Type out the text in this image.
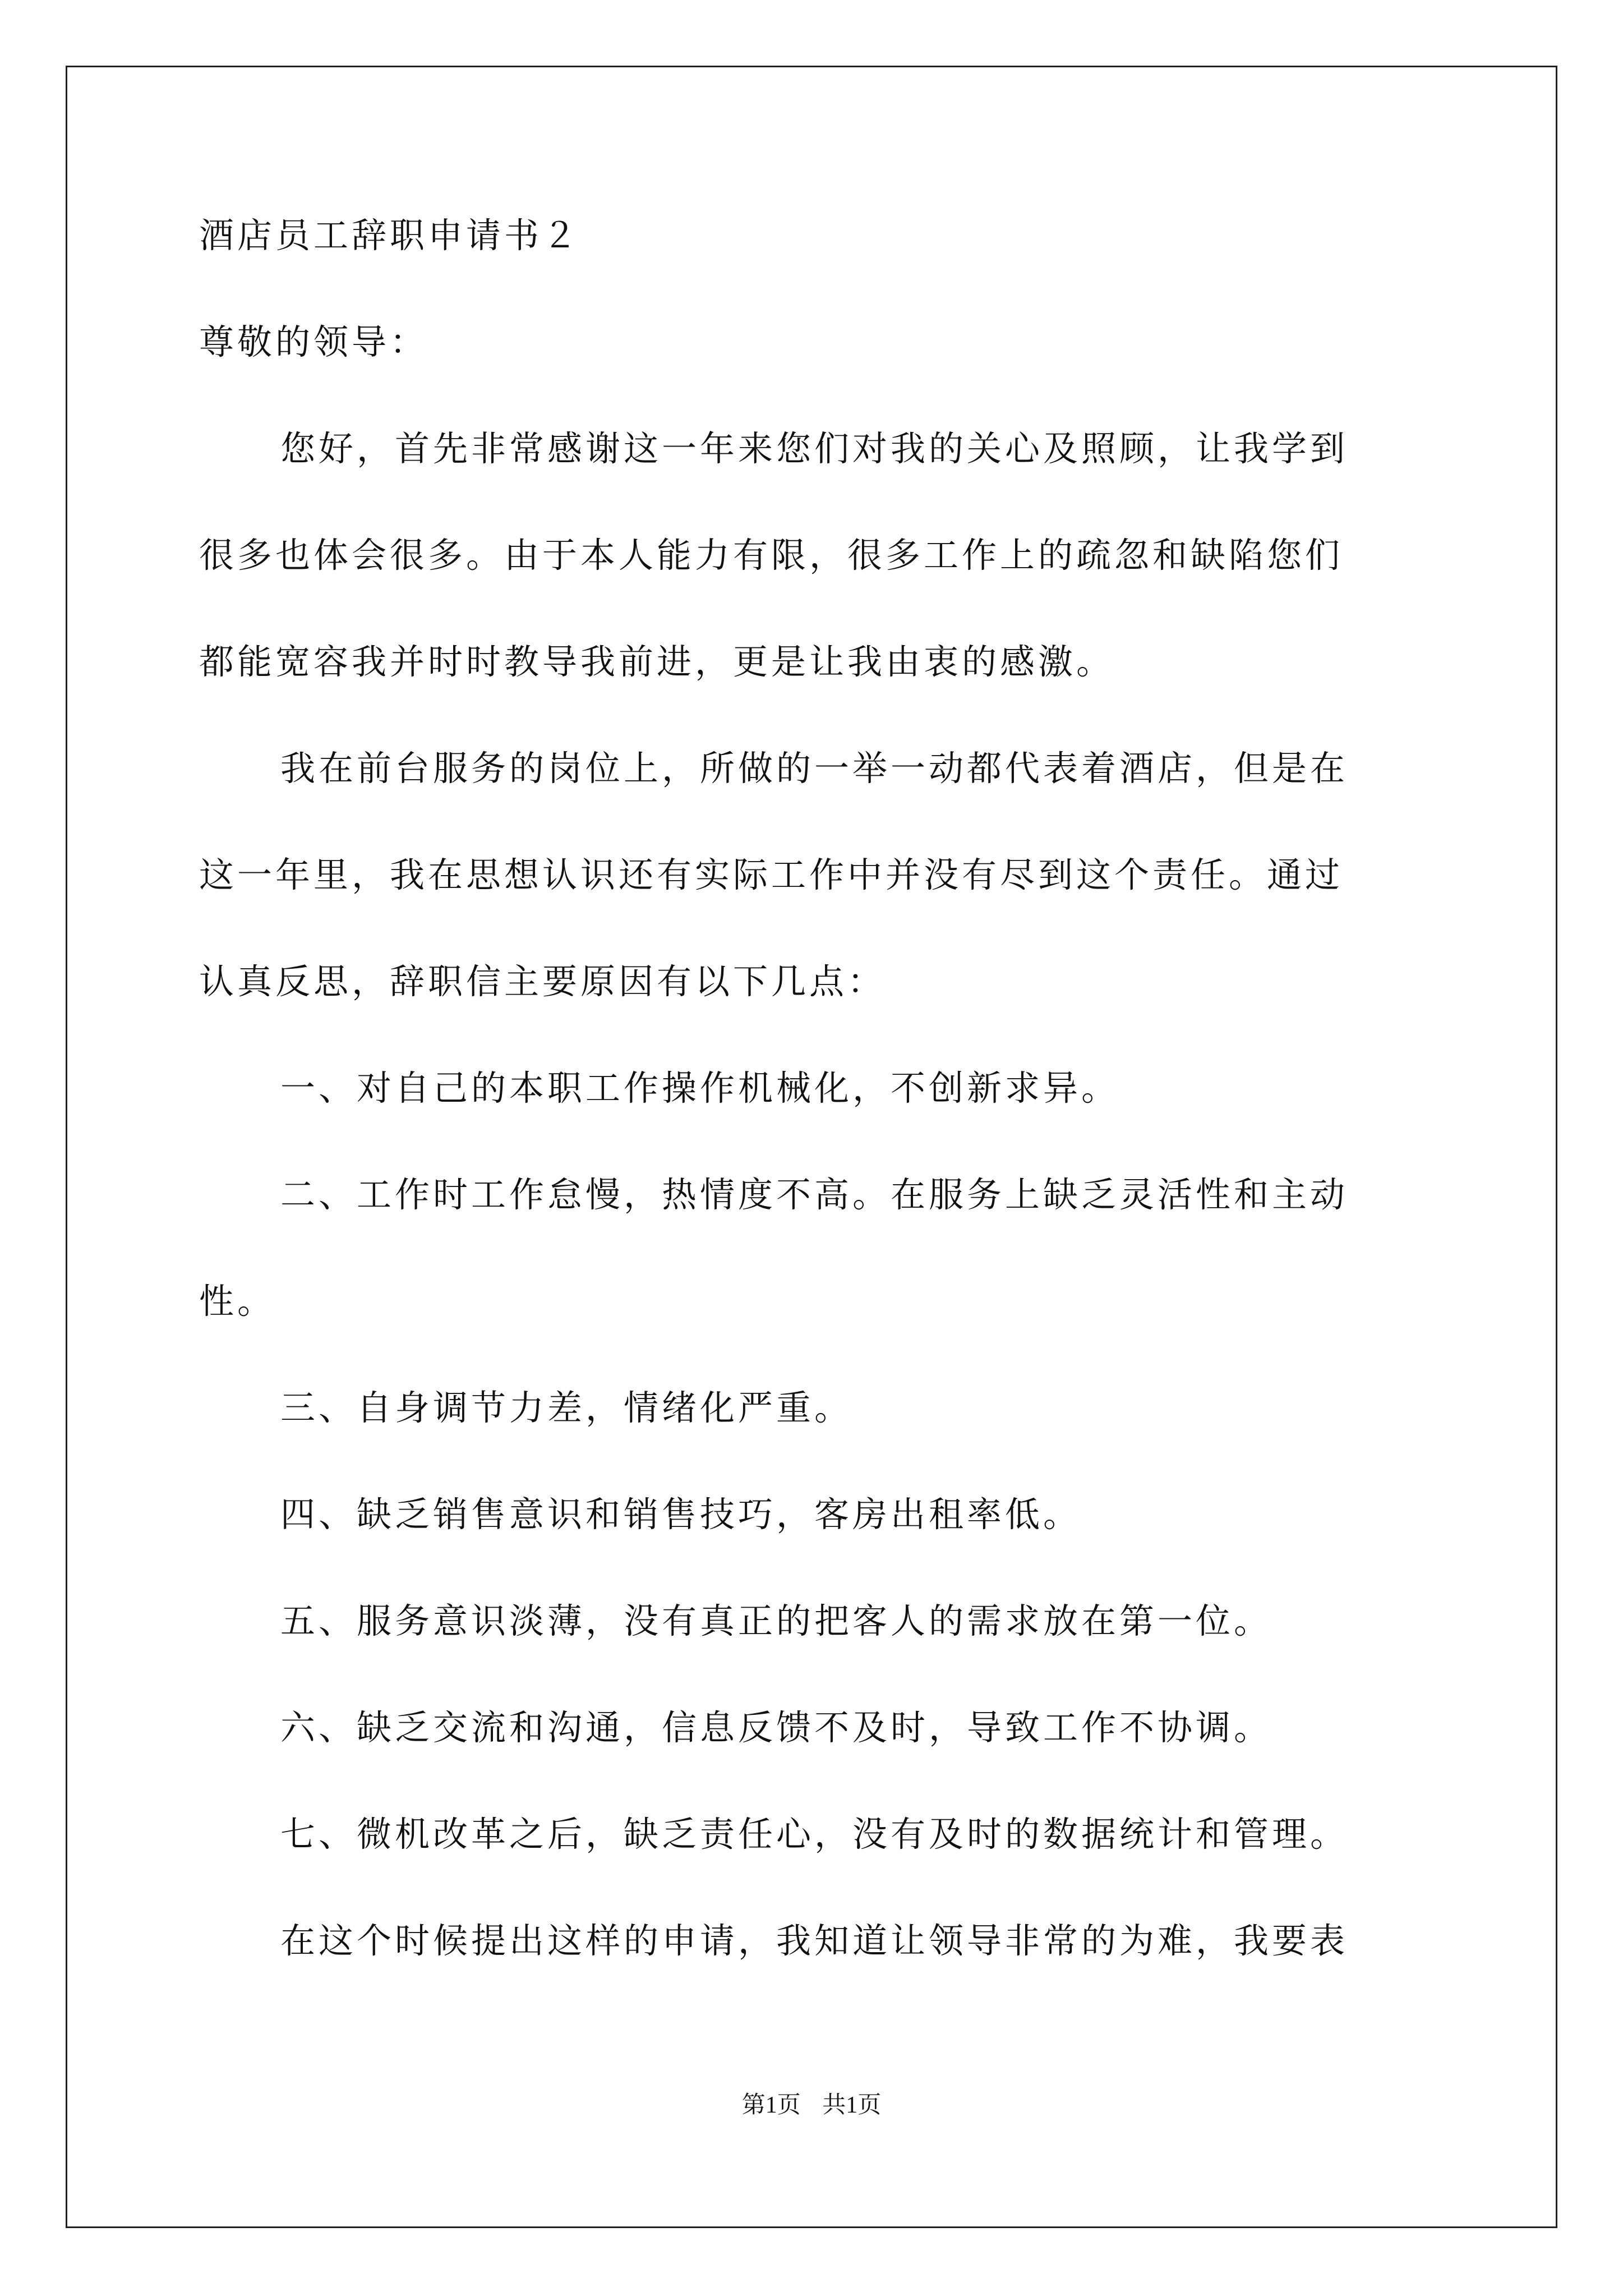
酒店员工辞职申请书２
尊敬的领导：
您好，首先非常感谢这一年来您们对我的关心及照顾，让我学到
很多也体会很多。由于本人能力有限，很多工作上的疏忽和缺陷您们
都能宽容我并时时教导我前进，更是让我由衷的感激。
我在前台服务的岗位上，所做的一举一动都代表着酒店，但是在
这一年里，我在思想认识还有实际工作中并没有尽到这个责任。通过
认真反思，辞职信主要原因有以下几点：
一、对自己的本职工作操作机械化，不创新求异。
二、工作时工作怠慢，热情度不高。在服务上缺乏灵活性和主动
性。
三、自身调节力差，情绪化严重。
四、缺乏销售意识和销售技巧，客房出租率低。
五、服务意识淡薄，没有真正的把客人的需求放在第一位。
六、缺乏交流和沟通，信息反馈不及时，导致工作不协调。
七、微机改革之后，缺乏责任心，没有及时的数据统计和管理。
在这个时候提出这样的申请，我知道让领导非常的为难，我要表
第1页 共1页
